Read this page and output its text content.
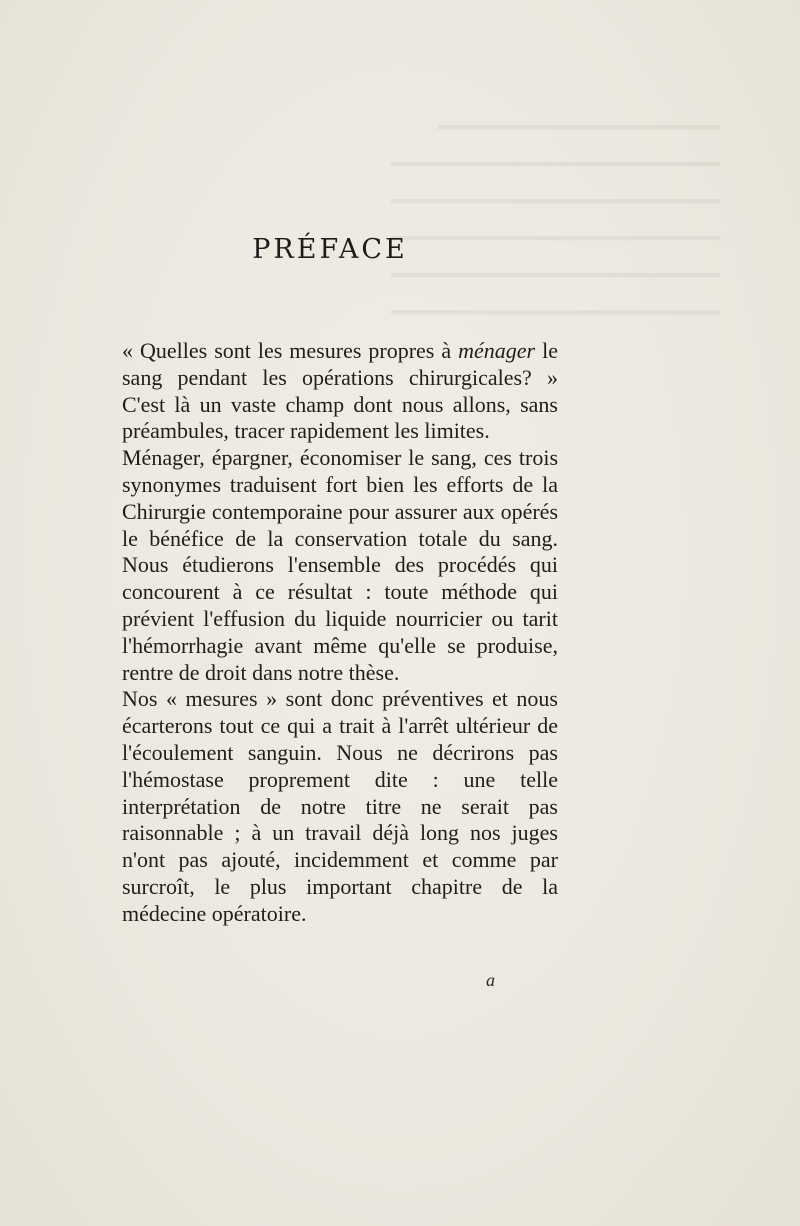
PRÉFACE

« Quelles sont les mesures propres à ménager le sang pendant les opérations chirurgicales? » C'est là un vaste champ dont nous allons, sans préambules, tracer rapidement les limites.

Ménager, épargner, économiser le sang, ces trois synonymes traduisent fort bien les efforts de la Chirurgie contemporaine pour assurer aux opérés le bénéfice de la conservation totale du sang. Nous étudierons l'ensemble des procédés qui concourent à ce résultat : toute méthode qui prévient l'effusion du liquide nourricier ou tarit l'hémorrhagie avant même qu'elle se produise, rentre de droit dans notre thèse.

Nos « mesures » sont donc préventives et nous écarterons tout ce qui a trait à l'arrêt ultérieur de l'écoulement sanguin. Nous ne décrirons pas l'hémostase proprement dite : une telle interprétation de notre titre ne serait pas raisonnable ; à un travail déjà long nos juges n'ont pas ajouté, incidemment et comme par surcroît, le plus important chapitre de la médecine opératoire.

a
